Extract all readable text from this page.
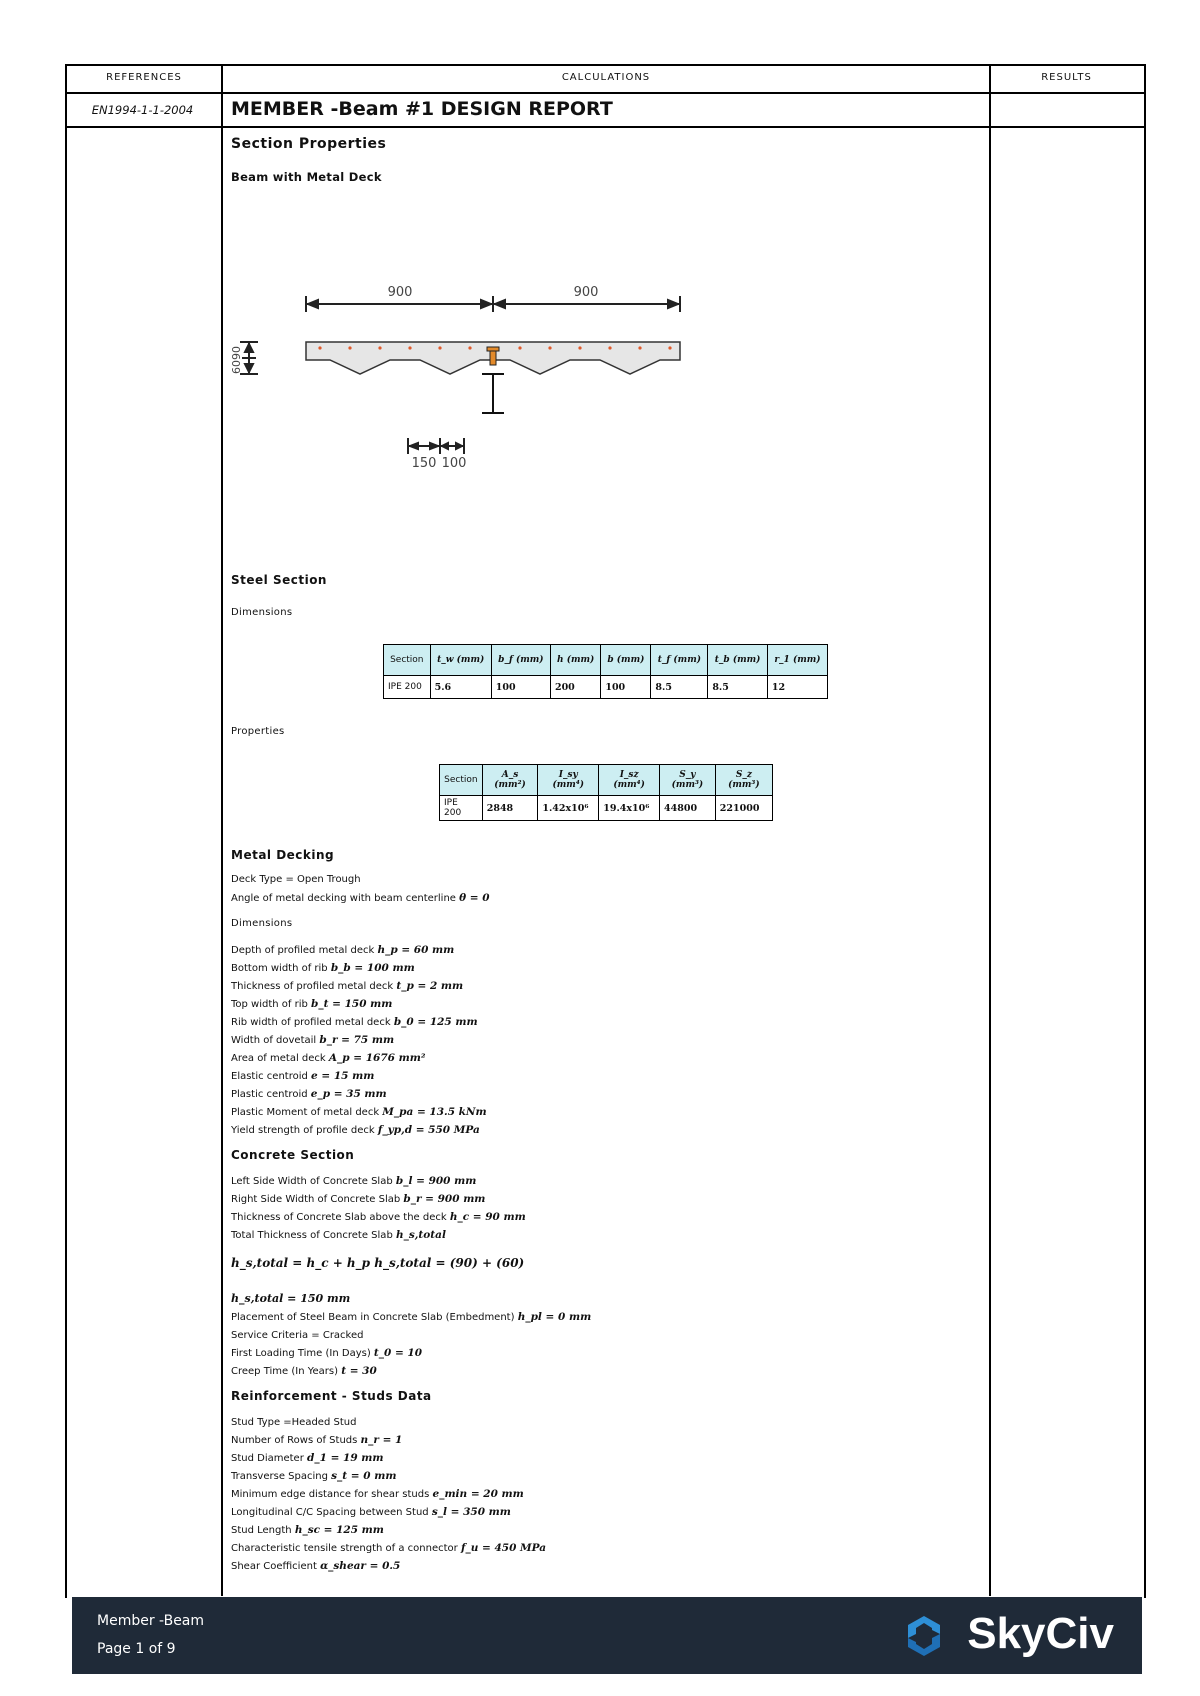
REFERENCES	CALCULATIONS	RESULTS
EN1994-1-1-2004	MEMBER -Beam #1 DESIGN REPORT
Section Properties
Beam with Metal Deck
900	900
6090
150 100
Steel Section
Dimensions
Section	t_w (mm)	b_f (mm)	h (mm)	b (mm)	t_f (mm)	t_b (mm)	r_1 (mm)
IPE 200	5.6	100	200	100	8.5	8.5	12
Properties
Section	A_s (mm²)	I_sy (mm⁴)	I_sz (mm⁴)	S_y (mm³)	S_z (mm³)
IPE 200	2848	1.42x10⁶	19.4x10⁶	44800	221000
Metal Decking
Deck Type = Open Trough
Angle of metal decking with beam centerline θ = 0
Dimensions
Depth of profiled metal deck h_p = 60 mm
Bottom width of rib b_b = 100 mm
Thickness of profiled metal deck t_p = 2 mm
Top width of rib b_t = 150 mm
Rib width of profiled metal deck b_0 = 125 mm
Width of dovetail b_r = 75 mm
Area of metal deck A_p = 1676 mm²
Elastic centroid e = 15 mm
Plastic centroid e_p = 35 mm
Plastic Moment of metal deck M_pa = 13.5 kNm
Yield strength of profile deck f_yp,d = 550 MPa
Concrete Section
Left Side Width of Concrete Slab b_l = 900 mm
Right Side Width of Concrete Slab b_r = 900 mm
Thickness of Concrete Slab above the deck h_c = 90 mm
Total Thickness of Concrete Slab h_s,total
h_s,total = h_c + h_p h_s,total = (90) + (60)
h_s,total = 150 mm
Placement of Steel Beam in Concrete Slab (Embedment) h_pl = 0 mm
Service Criteria = Cracked
First Loading Time (In Days) t_0 = 10
Creep Time (In Years) t = 30
Reinforcement - Studs Data
Stud Type =Headed Stud
Number of Rows of Studs n_r = 1
Stud Diameter d_1 = 19 mm
Transverse Spacing s_t = 0 mm
Minimum edge distance for shear studs e_min = 20 mm
Longitudinal C/C Spacing between Stud s_l = 350 mm
Stud Length h_sc = 125 mm
Characteristic tensile strength of a connector f_u = 450 MPa
Shear Coefficient α_shear = 0.5
Member -Beam
Page 1 of 9	SkyCiv
